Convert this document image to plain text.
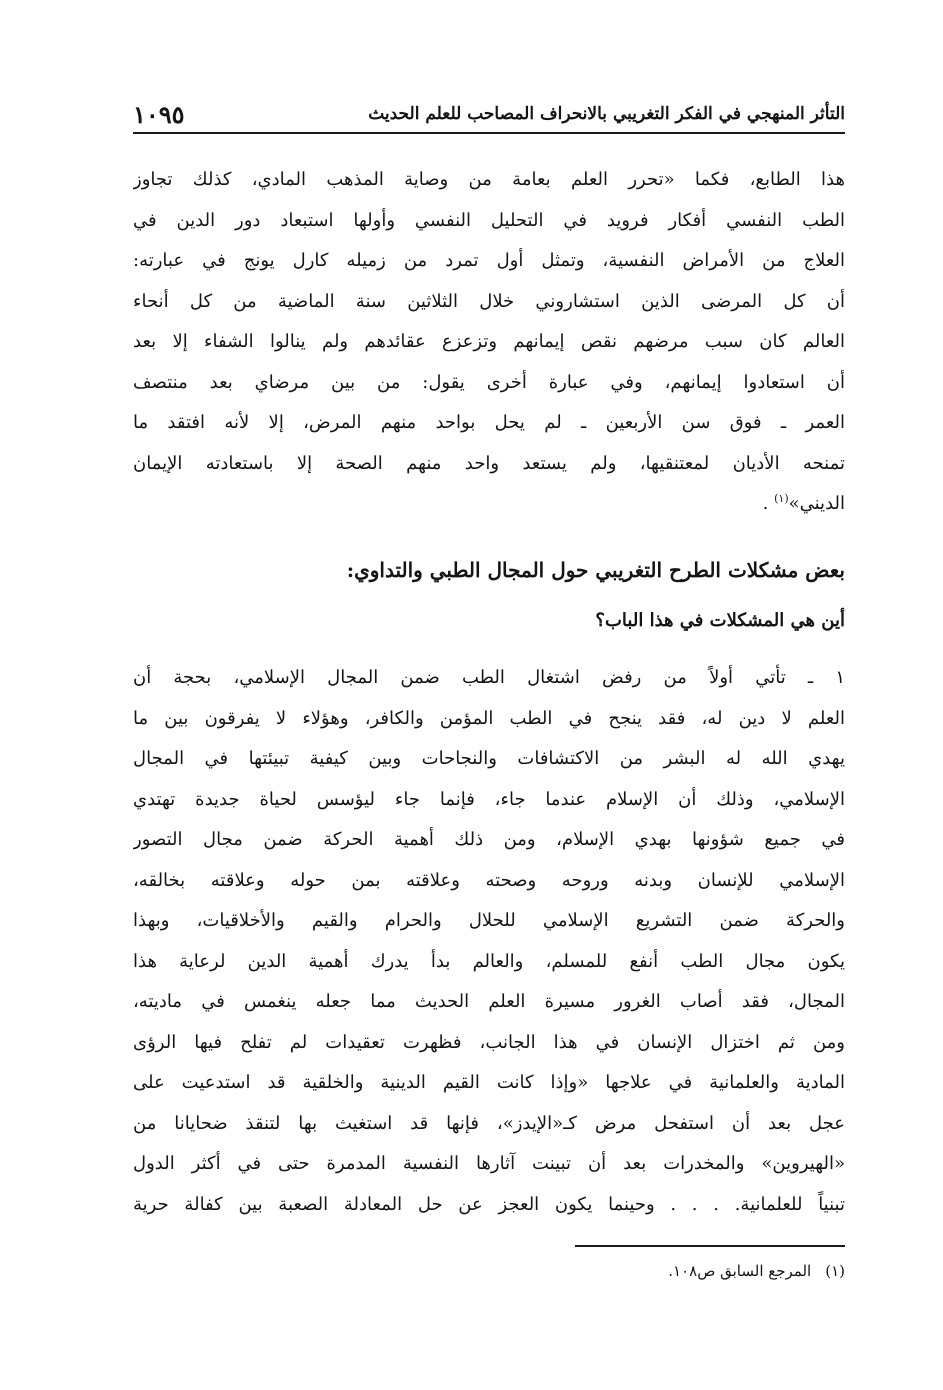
التأثر المنهجي في الفكر التغريبي بالانحراف المصاحب للعلم الحديث
١٠٩٥
هذا الطابع، فكما «تحرر العلم بعامة من وصاية المذهب المادي، كذلك تجاوز
الطب النفسي أفكار فرويد في التحليل النفسي وأولها استبعاد دور الدين في
العلاج من الأمراض النفسية، وتمثل أول تمرد من زميله كارل يونج في عبارته:
أن كل المرضى الذين استشاروني خلال الثلاثين سنة الماضية من كل أنحاء
العالم كان سبب مرضهم نقص إيمانهم وتزعزع عقائدهم ولم ينالوا الشفاء إلا بعد
أن استعادوا إيمانهم، وفي عبارة أخرى يقول: من بين مرضاي بعد منتصف
العمر ـ فوق سن الأربعين ـ لم يحل بواحد منهم المرض، إلا لأنه افتقد ما
تمنحه الأديان لمعتنقيها، ولم يستعد واحد منهم الصحة إلا باستعادته الإيمان
الديني»$^{(١)}$ .
بعض مشكلات الطرح التغريبي حول المجال الطبي والتداوي:
أين هي المشكلات في هذا الباب؟
١ ـ تأتي أولاً من رفض اشتغال الطب ضمن المجال الإسلامي، بحجة أن
العلم لا دين له، فقد ينجح في الطب المؤمن والكافر، وهؤلاء لا يفرقون بين ما
يهدي الله له البشر من الاكتشافات والنجاحات وبين كيفية تبيئتها في المجال
الإسلامي، وذلك أن الإسلام عندما جاء، فإنما جاء ليؤسس لحياة جديدة تهتدي
في جميع شؤونها بهدي الإسلام، ومن ذلك أهمية الحركة ضمن مجال التصور
الإسلامي للإنسان وبدنه وروحه وصحته وعلاقته بمن حوله وعلاقته بخالقه،
والحركة ضمن التشريع الإسلامي للحلال والحرام والقيم والأخلاقيات، وبهذا
يكون مجال الطب أنفع للمسلم، والعالم بدأ يدرك أهمية الدين لرعاية هذا
المجال، فقد أصاب الغرور مسيرة العلم الحديث مما جعله ينغمس في ماديته،
ومن ثم اختزال الإنسان في هذا الجانب، فظهرت تعقيدات لم تفلح فيها الرؤى
المادية والعلمانية في علاجها «وإذا كانت القيم الدينية والخلقية قد استدعيت على
عجل بعد أن استفحل مرض كـ«الإيدز»، فإنها قد استغيث بها لتنقذ ضحايانا من
«الهيروين» والمخدرات بعد أن تبينت آثارها النفسية المدمرة حتى في أكثر الدول
تبنياً للعلمانية. . . . وحينما يكون العجز عن حل المعادلة الصعبة بين كفالة حرية
(١)المرجع السابق ص١٠٨.
